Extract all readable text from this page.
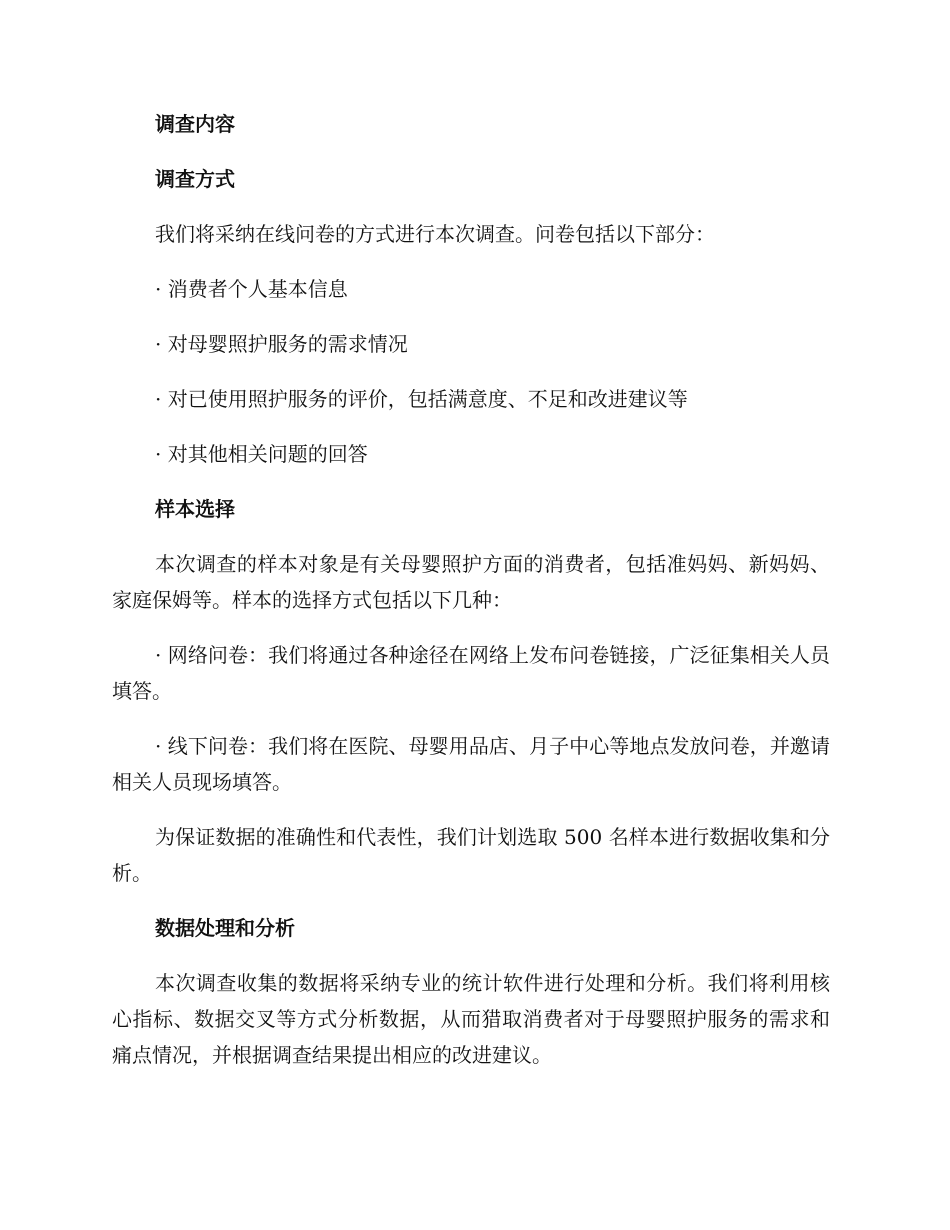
调查内容
调查方式
我们将采纳在线问卷的方式进行本次调查。问卷包括以下部分：
· 消费者个人基本信息
· 对母婴照护服务的需求情况
· 对已使用照护服务的评价，包括满意度、不足和改进建议等
· 对其他相关问题的回答
样本选择
本次调查的样本对象是有关母婴照护方面的消费者，包括准妈妈、新妈妈、家庭保姆等。样本的选择方式包括以下几种：
· 网络问卷：我们将通过各种途径在网络上发布问卷链接，广泛征集相关人员填答。
· 线下问卷：我们将在医院、母婴用品店、月子中心等地点发放问卷，并邀请相关人员现场填答。
为保证数据的准确性和代表性，我们计划选取 500 名样本进行数据收集和分析。
数据处理和分析
本次调查收集的数据将采纳专业的统计软件进行处理和分析。我们将利用核心指标、数据交叉等方式分析数据，从而猎取消费者对于母婴照护服务的需求和痛点情况，并根据调查结果提出相应的改进建议。
